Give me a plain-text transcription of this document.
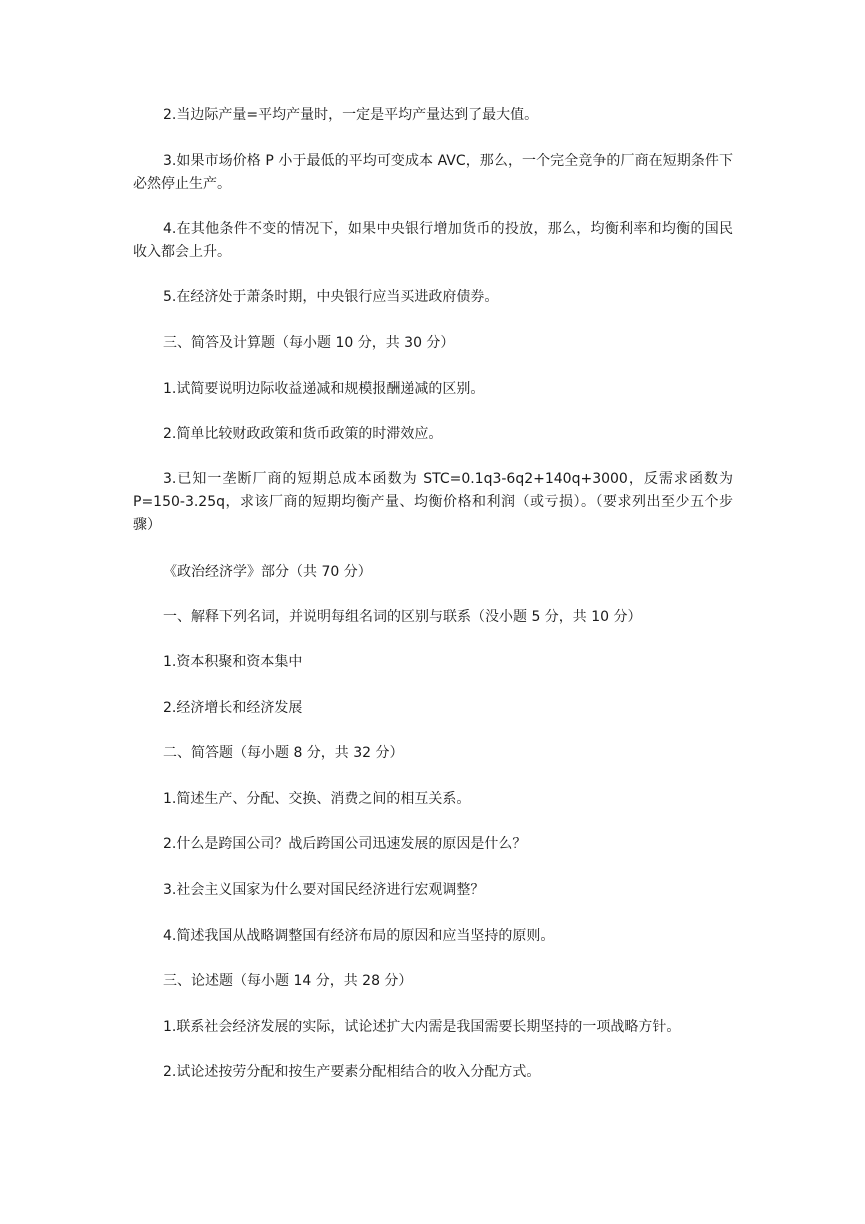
2.当边际产量=平均产量时，一定是平均产量达到了最大值。

3.如果市场价格 P 小于最低的平均可变成本 AVC，那么，一个完全竞争的厂商在短期条件下必然停止生产。

4.在其他条件不变的情况下，如果中央银行增加货币的投放，那么，均衡利率和均衡的国民收入都会上升。

5.在经济处于萧条时期，中央银行应当买进政府债券。

三、简答及计算题（每小题 10 分，共 30 分）

1.试简要说明边际收益递减和规模报酬递减的区别。

2.简单比较财政政策和货币政策的时滞效应。

3.已知一垄断厂商的短期总成本函数为 STC=0.1q3-6q2+140q+3000，反需求函数为 P=150-3.25q，求该厂商的短期均衡产量、均衡价格和利润（或亏损）。（要求列出至少五个步骤）

《政治经济学》部分（共 70 分）

一、解释下列名词，并说明每组名词的区别与联系（没小题 5 分，共 10 分）

1.资本积聚和资本集中

2.经济增长和经济发展

二、简答题（每小题 8 分，共 32 分）

1.简述生产、分配、交换、消费之间的相互关系。

2.什么是跨国公司？战后跨国公司迅速发展的原因是什么？

3.社会主义国家为什么要对国民经济进行宏观调整？

4.简述我国从战略调整国有经济布局的原因和应当坚持的原则。

三、论述题（每小题 14 分，共 28 分）

1.联系社会经济发展的实际，试论述扩大内需是我国需要长期坚持的一项战略方针。

2.试论述按劳分配和按生产要素分配相结合的收入分配方式。
